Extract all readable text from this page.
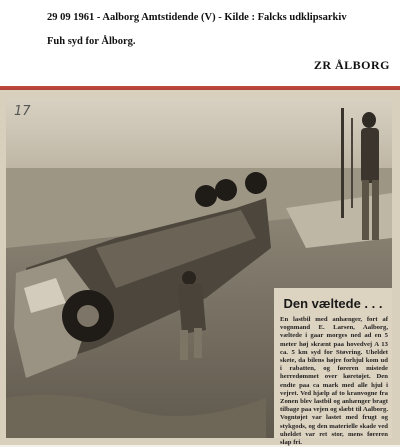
29 09 1961 - Aalborg Amtstidende (V) - Kilde : Falcks udklipsarkiv
Fuh syd for Ålborg.
ZR ÅLBORG
17
Den væltede . . .
En lastbil med anhænger, fort af vognmand E. Larsen, Aalborg, væltede i gaar morges ned ad en 5 meter høj skrænt paa hovedvej A 13 ca. 5 km syd for Støvring. Uheldet skete, da bilens højre forhjul kom ud i rabatten, og føreren mistede herredømmet over køretøjet. Den endte paa ca mark med alle hjul i vejret. Ved hjælp af to kranvogne fra Zonen blev lastbil og anhænger bragt tilbage paa vejen og slæbt til Aalborg. Vogntøjet var lastet med frugt og stykgods, og den materielle skade ved uheldet var ret stor, mens føreren slap fri.
